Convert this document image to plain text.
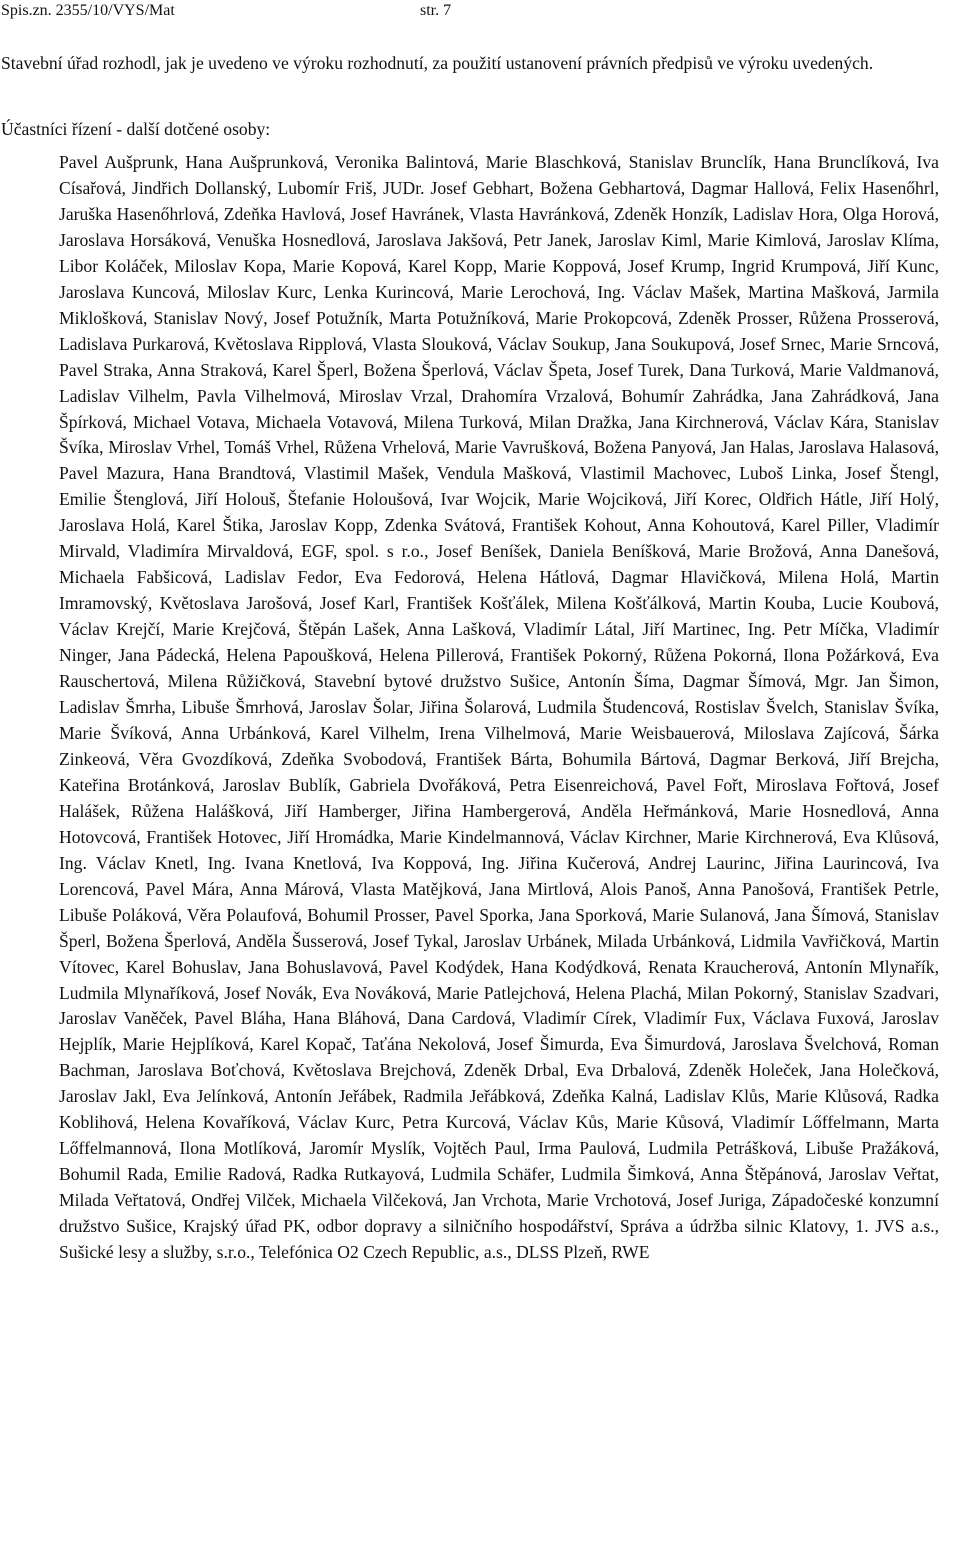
Spis.zn. 2355/10/VYS/Mat	str. 7

Stavební úřad rozhodl, jak je uvedeno ve výroku rozhodnutí, za použití ustanovení právních předpisů ve výroku uvedených.

Účastníci řízení - další dotčené osoby:

Pavel Aušprunk, Hana Aušprunková, Veronika Balintová, Marie Blaschková, Stanislav Brunclík, Hana Brunclíková, Iva Císařová, Jindřich Dollanský, Lubomír Friš, JUDr. Josef Gebhart, Božena Gebhartová, Dagmar Hallová, Felix Hasenőhrl, Jaruška Hasenőhrlová, Zdeňka Havlová, Josef Havránek, Vlasta Havránková, Zdeněk Honzík, Ladislav Hora, Olga Horová, Jaroslava Horsáková, Venuška Hosnedlová, Jaroslava Jakšová, Petr Janek, Jaroslav Kiml, Marie Kimlová, Jaroslav Klíma, Libor Koláček, Miloslav Kopa, Marie Kopová, Karel Kopp, Marie Koppová, Josef Krump, Ingrid Krumpová, Jiří Kunc, Jaroslava Kuncová, Miloslav Kurc, Lenka Kurincová, Marie Lerochová, Ing. Václav Mašek, Martina Mašková, Jarmila Miklošková, Stanislav Nový, Josef Potužník, Marta Potužníková, Marie Prokopcová, Zdeněk Prosser, Růžena Prosserová, Ladislava Purkarová, Květoslava Ripplová, Vlasta Slouková, Václav Soukup, Jana Soukupová, Josef Srnec, Marie Srncová, Pavel Straka, Anna Straková, Karel Šperl, Božena Šperlová, Václav Špeta, Josef Turek, Dana Turková, Marie Valdmanová, Ladislav Vilhelm, Pavla Vilhelmová, Miroslav Vrzal, Drahomíra Vrzalová, Bohumír Zahrádka, Jana Zahrádková, Jana Špírková, Michael Votava, Michaela Votavová, Milena Turková, Milan Dražka, Jana Kirchnerová, Václav Kára, Stanislav Švíka, Miroslav Vrhel, Tomáš Vrhel, Růžena Vrhelová, Marie Vavrušková, Božena Panyová, Jan Halas, Jaroslava Halasová, Pavel Mazura, Hana Brandtová, Vlastimil Mašek, Vendula Mašková, Vlastimil Machovec, Luboš Linka, Josef Štengl, Emilie Štenglová, Jiří Holouš, Štefanie Holoušová, Ivar Wojcik, Marie Wojciková, Jiří Korec, Oldřich Hátle, Jiří Holý, Jaroslava Holá, Karel Štika, Jaroslav Kopp, Zdenka Svátová, František Kohout, Anna Kohoutová, Karel Piller, Vladimír Mirvald, Vladimíra Mirvaldová, EGF, spol. s r.o., Josef Beníšek, Daniela Beníšková, Marie Brožová, Anna Danešová, Michaela Fabšicová, Ladislav Fedor, Eva Fedorová, Helena Hátlová, Dagmar Hlavičková, Milena Holá, Martin Imramovský, Květoslava Jarošová, Josef Karl, František Košťálek, Milena Košťálková, Martin Kouba, Lucie Koubová, Václav Krejčí, Marie Krejčová, Štěpán Lašek, Anna Lašková, Vladimír Látal, Jiří Martinec, Ing. Petr Míčka, Vladimír Ninger, Jana Pádecká, Helena Papoušková, Helena Pillerová, František Pokorný, Růžena Pokorná, Ilona Požárková, Eva Rauschertová, Milena Růžičková, Stavební bytové družstvo Sušice, Antonín Šíma, Dagmar Šímová, Mgr. Jan Šimon, Ladislav Šmrha, Libuše Šmrhová, Jaroslav Šolar, Jiřina Šolarová, Ludmila Študencová, Rostislav Švelch, Stanislav Švíka, Marie Švíková, Anna Urbánková, Karel Vilhelm, Irena Vilhelmová, Marie Weisbauerová, Miloslava Zajícová, Šárka Zinkeová, Věra Gvozdíková, Zdeňka Svobodová, František Bárta, Bohumila Bártová, Dagmar Berková, Jiří Brejcha, Kateřina Brotánková, Jaroslav Bublík, Gabriela Dvořáková, Petra Eisenreichová, Pavel Fořt, Miroslava Fořtová, Josef Halášek, Růžena Halášková, Jiří Hamberger, Jiřina Hambergerová, Anděla Heřmánková, Marie Hosnedlová, Anna Hotovcová, František Hotovec, Jiří Hromádka, Marie Kindelmannová, Václav Kirchner, Marie Kirchnerová, Eva Klůsová, Ing. Václav Knetl, Ing. Ivana Knetlová, Iva Koppová, Ing. Jiřina Kučerová, Andrej Laurinc, Jiřina Laurincová, Iva Lorencová, Pavel Mára, Anna Márová, Vlasta Matějková, Jana Mirtlová, Alois Panoš, Anna Panošová, František Petrle, Libuše Poláková, Věra Polaufová, Bohumil Prosser, Pavel Sporka, Jana Sporková, Marie Sulanová, Jana Šímová, Stanislav Šperl, Božena Šperlová, Anděla Šusserová, Josef Tykal, Jaroslav Urbánek, Milada Urbánková, Lidmila Vavřičková, Martin Vítovec, Karel Bohuslav, Jana Bohuslavová, Pavel Kodýdek, Hana Kodýdková, Renata Kraucherová, Antonín Mlynařík, Ludmila Mlynaříková, Josef Novák, Eva Nováková, Marie Patlejchová, Helena Plachá, Milan Pokorný, Stanislav Szadvari, Jaroslav Vaněček, Pavel Bláha, Hana Bláhová, Dana Cardová, Vladimír Círek, Vladimír Fux, Václava Fuxová, Jaroslav Hejplík, Marie Hejplíková, Karel Kopač, Taťána Nekolová, Josef Šimurda, Eva Šimurdová, Jaroslava Švelchová, Roman Bachman, Jaroslava Boťchová, Květoslava Brejchová, Zdeněk Drbal, Eva Drbalová, Zdeněk Holeček, Jana Holečková, Jaroslav Jakl, Eva Jelínková, Antonín Jeřábek, Radmila Jeřábková, Zdeňka Kalná, Ladislav Klůs, Marie Klůsová, Radka Koblihová, Helena Kovaříková, Václav Kurc, Petra Kurcová, Václav Kůs, Marie Kůsová, Vladimír Lőffelmann, Marta Lőffelmannová, Ilona Motlíková, Jaromír Myslík, Vojtěch Paul, Irma Paulová, Ludmila Petrášková, Libuše Pražáková, Bohumil Rada, Emilie Radová, Radka Rutkayová, Ludmila Schäfer, Ludmila Šimková, Anna Štěpánová, Jaroslav Veřtat, Milada Veřtatová, Ondřej Vilček, Michaela Vilčeková, Jan Vrchota, Marie Vrchotová, Josef Juriga, Západočeské konzumní družstvo Sušice, Krajský úřad PK, odbor dopravy a silničního hospodářství, Správa a údržba silnic Klatovy, 1. JVS a.s., Sušické lesy a služby, s.r.o., Telefónica O2 Czech Republic, a.s., DLSS Plzeň, RWE
